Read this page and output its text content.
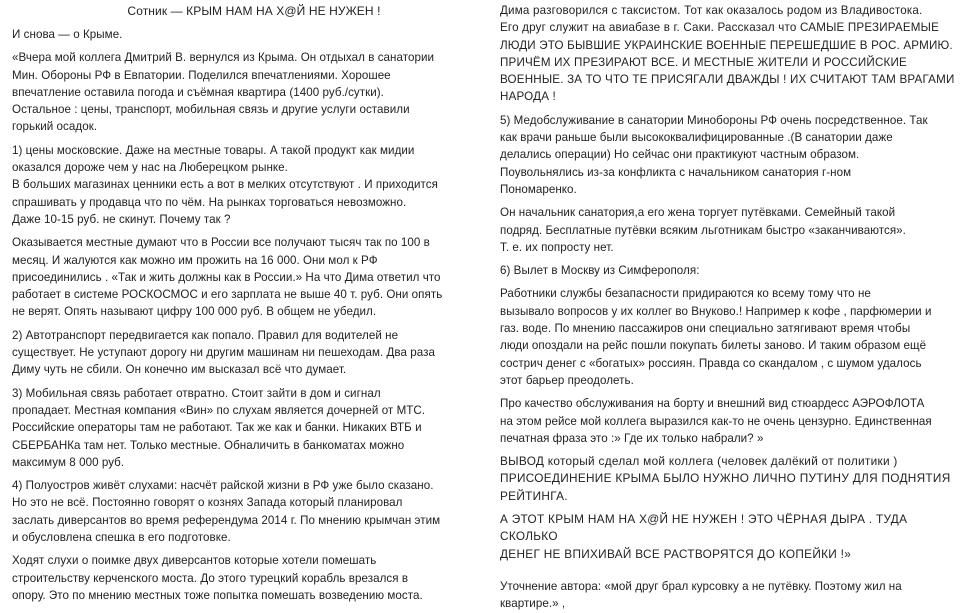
Сотник — КРЫМ НАМ НА Х@Й НЕ НУЖЕН !

И снова — о Крыме.

«Вчера мой коллега Дмитрий В. вернулся из Крыма. Он отдыхал в санатории
Мин. Обороны РФ в Евпатории. Поделился впечатлениями. Хорошее
впечатление оставила погода и съёмная квартира (1400 руб./сутки).
Остальное : цены, транспорт, мобильная связь и другие услуги оставили
горький осадок.

1) цены московские. Даже на местные товары. А такой продукт как мидии
оказался дороже чем у нас на Люберецком рынке.
В больших магазинах ценники есть а вот в мелких отсутствуют . И приходится
спрашивать у продавца что по чём. На рынках торговаться невозможно.
Даже 10-15 руб. не скинут. Почему так ?

Оказывается местные думают что в России все получают тысяч так по 100 в
месяц. И жалуются как можно им прожить на 16 000. Они мол к РФ
присоединились . «Так и жить должны как в России.» На что Дима ответил что
работает в системе РОСКОСМОС и его зарплата не выше 40 т. руб. Они опять
не верят. Опять называют цифру 100 000 руб. В общем не убедил.

2) Автотранспорт передвигается как попало. Правил для водителей не
существует. Не уступают дорогу ни другим машинам ни пешеходам. Два раза
Диму чуть не сбили. Он конечно им высказал всё что думает.

3) Мобильная связь работает отвратно. Стоит зайти в дом и сигнал
пропадает. Местная компания «Вин» по слухам является дочерней от МТС.
Российские операторы там не работают. Так же как и банки. Никаких ВТБ и
СБЕРБАНКа там нет. Только местные. Обналичить в банкоматах можно
максимум 8 000 руб.

4) Полуостров живёт слухами: насчёт райской жизни в РФ уже было сказано.
Но это не всё. Постоянно говорят о кознях Запада который планировал
заслать диверсантов во время референдума 2014 г. По мнению крымчан этим
и обусловлена спешка в его подготовке.

Ходят слухи о поимке двух диверсантов которые хотели помешать
строительству керченского моста. До этого турецкий корабль врезался в
опору. Это по мнению местных тоже попытка помешать возведению моста.

Дима разговорился с таксистом. Тот как оказалось родом из Владивостока.
Его друг служит на авиабазе в г. Саки. Рассказал что САМЫЕ ПРЕЗИРАЕМЫЕ
ЛЮДИ ЭТО БЫВШИЕ УКРАИНСКИЕ ВОЕННЫЕ ПЕРЕШЕДШИЕ В РОС. АРМИЮ.
ПРИЧЁМ ИХ ПРЕЗИРАЮТ ВСЕ. И МЕСТНЫЕ ЖИТЕЛИ И РОССИЙСКИЕ
ВОЕННЫЕ. ЗА ТО ЧТО ТЕ ПРИСЯГАЛИ ДВАЖДЫ ! ИХ СЧИТАЮТ ТАМ ВРАГАМИ
НАРОДА !

5) Медобслуживание в санатории Минобороны РФ очень посредственное. Так
как врачи раньше были высококвалифицированные .(В санатории даже
делались операции) Но сейчас они практикуют частным образом.
Поувольнялись из-за конфликта с начальником санатория г-ном
Пономаренко.

Он начальник санатория,а его жена торгует путёвками. Семейный такой
подряд. Бесплатные путёвки всяким льготникам быстро «заканчиваются».
Т. е. их попросту нет.

6) Вылет в Москву из Симферополя:

Работники службы безапасности придираются ко всему тому что не
вызывало вопросов у их коллег во Внуково.! Например к кофе , парфюмерии и
газ. воде. По мнению пассажиров они специально затягивают время чтобы
люди опоздали на рейс пошли покупать билеты заново. И таким образом ещё
сострич денег с «богатых» россиян. Правда со скандалом , с шумом удалось
этот барьер преодолеть.

Про качество обслуживания на борту и внешний вид стюардесс АЭРОФЛОТА
на этом рейсе мой коллега выразился как-то не очень цензурно. Единственная
печатная фраза это :» Где их только набрали? »

ВЫВОД который сделал мой коллега (человек далёкий от политики )
ПРИСОЕДИНЕНИЕ КРЫМА БЫЛО НУЖНО ЛИЧНО ПУТИНУ ДЛЯ ПОДНЯТИЯ
РЕЙТИНГА.

А ЭТОТ КРЫМ НАМ НА Х@Й НЕ НУЖЕН ! ЭТО ЧЁРНАЯ ДЫРА . ТУДА СКОЛЬКО
ДЕНЕГ НЕ ВПИХИВАЙ ВСЕ РАСТВОРЯТСЯ ДО КОПЕЙКИ !»

Уточнение автора: «мой друг брал курсовку а не путёвку. Поэтому жил на
квартире.» ,
